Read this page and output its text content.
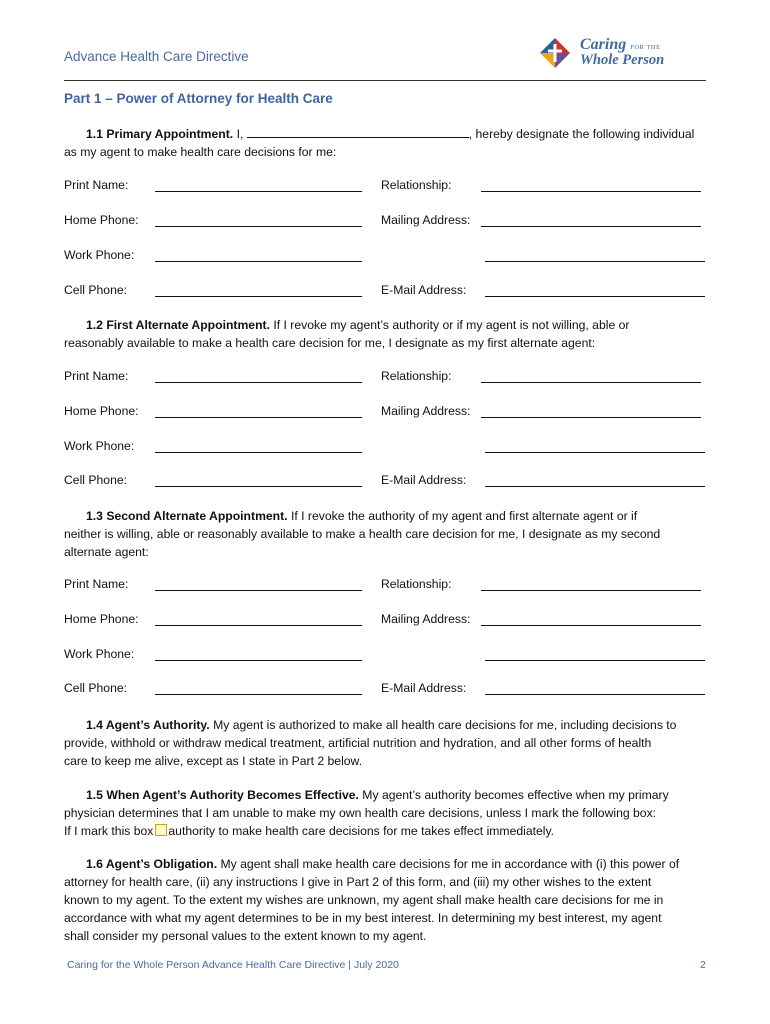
Advance Health Care Directive
Caring FOR THE
Whole Person
Part 1 – Power of Attorney for Health Care
1.1 Primary Appointment. I,	, hereby designate the following individual
as my agent to make health care decisions for me:
Print Name:	Relationship:
Home Phone:	Mailing Address:
Work Phone:
Cell Phone:	E-Mail Address:
1.2 First Alternate Appointment. If I revoke my agent’s authority or if my agent is not willing, able or
reasonably available to make a health care decision for me, I designate as my first alternate agent:
Print Name:	Relationship:
Home Phone:	Mailing Address:
Work Phone:
Cell Phone:	E-Mail Address:
1.3 Second Alternate Appointment. If I revoke the authority of my agent and first alternate agent or if
neither is willing, able or reasonably available to make a health care decision for me, I designate as my second
alternate agent:
Print Name:	Relationship:
Home Phone:	Mailing Address:
Work Phone:
Cell Phone:	E-Mail Address:
1.4 Agent’s Authority. My agent is authorized to make all health care decisions for me, including decisions to
provide, withhold or withdraw medical treatment, artificial nutrition and hydration, and all other forms of health
care to keep me alive, except as I state in Part 2 below.
1.5 When Agent’s Authority Becomes Effective. My agent’s authority becomes effective when my primary
physician determines that I am unable to make my own health care decisions, unless I mark the following box:
If I mark this box authority to make health care decisions for me takes effect immediately.
1.6 Agent’s Obligation. My agent shall make health care decisions for me in accordance with (i) this power of
attorney for health care, (ii) any instructions I give in Part 2 of this form, and (iii) my other wishes to the extent
known to my agent. To the extent my wishes are unknown, my agent shall make health care decisions for me in
accordance with what my agent determines to be in my best interest. In determining my best interest, my agent
shall consider my personal values to the extent known to my agent.
Caring for the Whole Person Advance Health Care Directive | July 2020	2
